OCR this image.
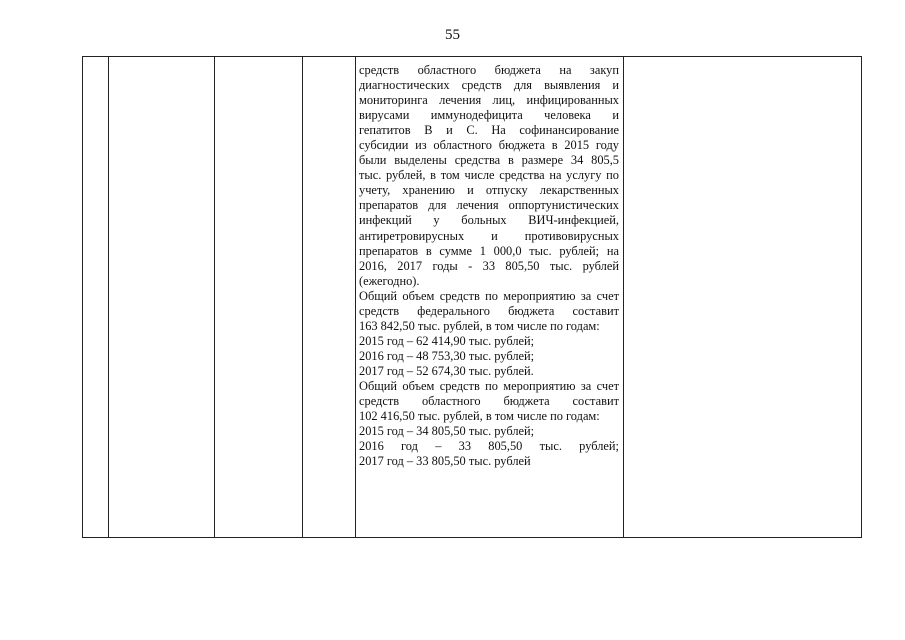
55
средств областного бюджета на закуп
диагностических средств для выявления и
мониторинга лечения лиц, инфицированных
вирусами иммунодефицита человека и
гепатитов В и С. На софинансирование
субсидии из областного бюджета в 2015 году
были выделены средства в размере 34 805,5
тыс. рублей, в том числе средства на услугу по
учету, хранению и отпуску лекарственных
препаратов для лечения оппортунистических
инфекций у больных ВИЧ-инфекцией,
антиретровирусных и противовирусных
препаратов в сумме 1 000,0 тыс. рублей; на
2016, 2017 годы - 33 805,50 тыс. рублей
(ежегодно).
Общий объем средств по мероприятию за счет
средств федерального бюджета составит
163 842,50 тыс. рублей, в том числе по годам:
2015 год – 62 414,90 тыс. рублей;
2016 год – 48 753,30 тыс. рублей;
2017 год – 52 674,30 тыс. рублей.
Общий объем средств по мероприятию за счет
средств областного бюджета составит
102 416,50 тыс. рублей, в том числе по годам:
2015 год – 34 805,50 тыс. рублей;
2016 год – 33 805,50 тыс. рублей;
2017 год – 33 805,50 тыс. рублей
